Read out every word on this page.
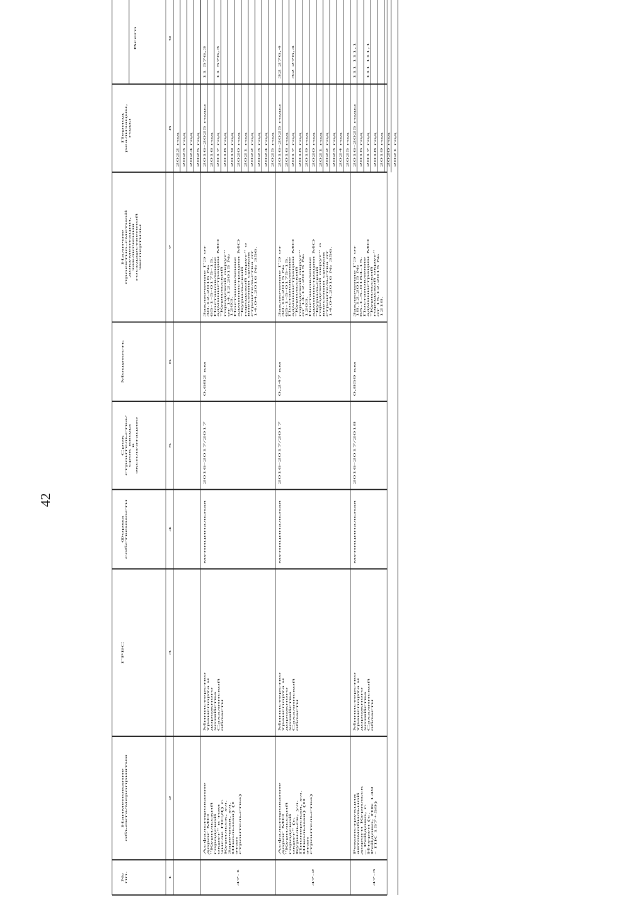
42
№пп.
Наименованиеобъекта/мероприятия
ГРБС
Формасобственности
Срокстроительства/срок вводавэксплуатацию
Мощность
Наличиепроектно-сметнойдокументации,заключениягосударственнойэкспертизы
Периодреализации,годы
Всего
1
2
3
4
5
6
7
8
9
2022 год 2023 год 2024 год 2025 год
Асфальтированиедорог МО"Курильскийгородскойокруг" в томчисле ПСД) г.Курильск, ул.Заречная, ул.Школьная) (Iэтапстроительства)
Министерствотранспорта идорожногохозяйстваСахалинскойобласти
муниципальная
2016-2017/2017
0,682 км
Заключение ГЭ от30.12.2016 №65-1-5-0175-15.Постановлениеадминистрации МО"Курильскийгородской округ"от 14.12.2015 №1203.Постановлениеадминистрации МО"Курильскийгородской округ" овнесении сроковстроительства от14.04.2016 № 356.
47.1
2016-2025 годы
11 576,3
2016 год 2017 год
11 576,3
2018 год 2019 год 2020 год 2021 год 2022 год 2023 год 2024 год 2025 год
Асфальтированиедорог МО"Курильскийгородскойокруг" (г.Курильск, ул.Пионерская, ул.Школьная) (IIэтапстроительства)
Министерствотранспорта идорожногохозяйстваСахалинскойобласти
муниципальная
2016-2017/2017
0,247 км
Заключение ГЭ от30.10.2015 №65-1-5-0175-15.Постановлениеадминистрации МО"Курильскийгородской округ"от 14.12.2015 №1203.Постановлениеадминистрации МО"Курильскийгородской округ" овнесении сроковстроительства от14.04.2016 № 356.
47.2
2016-2025 годы
32 276,4
2016 год 2017 год
32 276,4
2018 год 2019 год 2020 год 2021 год 2022 год 2023 год 2024 год 2025 год
Реконструкцияавтомобильнойдороги Курильск– Рейдово, г.Итуруп (с.Рейдово, ПК 149- ПК 157+59)
Министерствотранспорта идорожногохозяйстваСахалинскойобласти
муниципальная
2016-2017/2018
0,859 км
Заключение ГЭ от18.12.2015 №65-1-5-0184-15.Постановлениеадминистрации МО"Курильскийгородской округ"от 15.12.2015 №1218.
47.3
2016-2025 годы
111 111,1
2016 год 2017 год
111 111,1
2018 год 2019 год 2020 год 2021 год
